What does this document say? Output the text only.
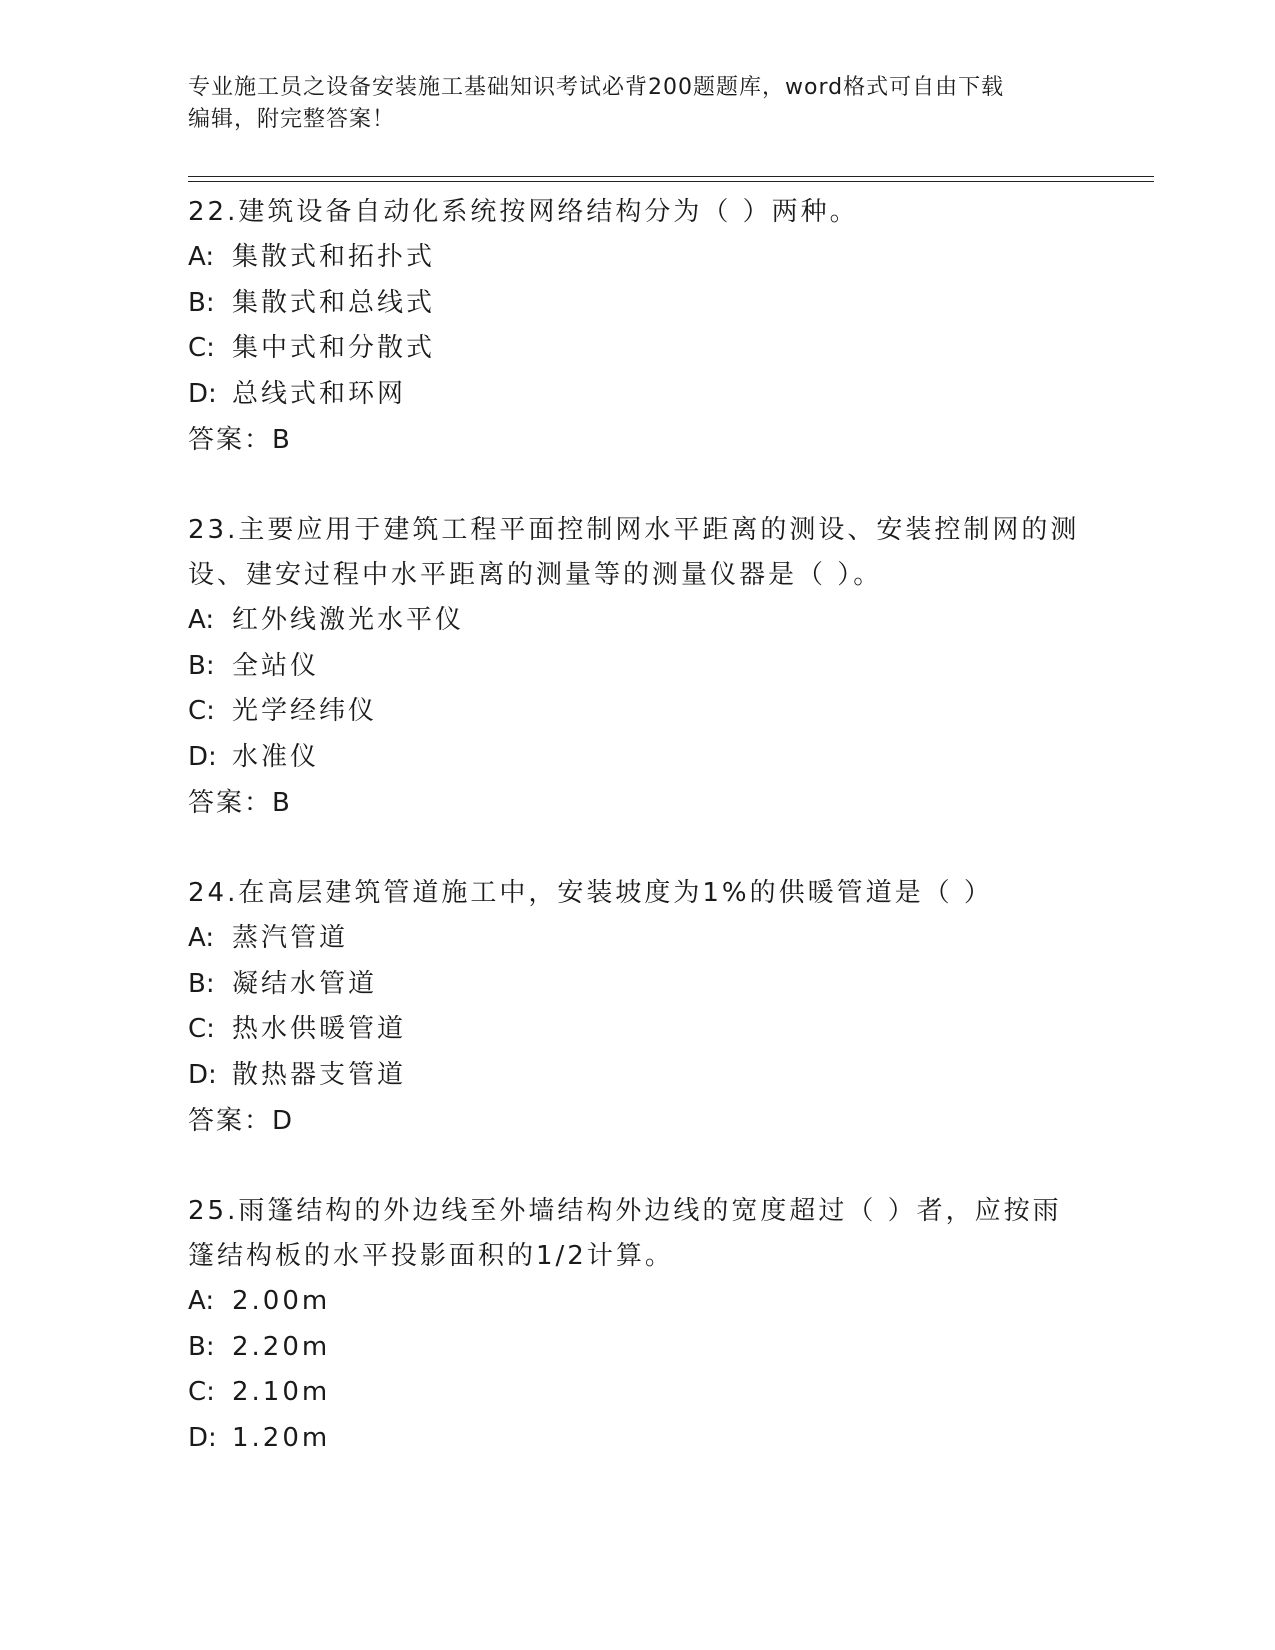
专业施工员之设备安装施工基础知识考试必背200题题库，word格式可自由下载
编辑，附完整答案！
22.建筑设备自动化系统按网络结构分为（ ）两种。
A: 集散式和拓扑式
B: 集散式和总线式
C: 集中式和分散式
D: 总线式和环网
答案：B
23.主要应用于建筑工程平面控制网水平距离的测设、安装控制网的测设、建安过程中水平距离的测量等的测量仪器是（ ）。
A: 红外线激光水平仪
B: 全站仪
C: 光学经纬仪
D: 水准仪
答案：B
24.在高层建筑管道施工中，安装坡度为1%的供暖管道是（ ）
A: 蒸汽管道
B: 凝结水管道
C: 热水供暖管道
D: 散热器支管道
答案：D
25.雨篷结构的外边线至外墙结构外边线的宽度超过（ ）者，应按雨篷结构板的水平投影面积的1/2计算。
A: 2.00m
B: 2.20m
C: 2.10m
D: 1.20m
